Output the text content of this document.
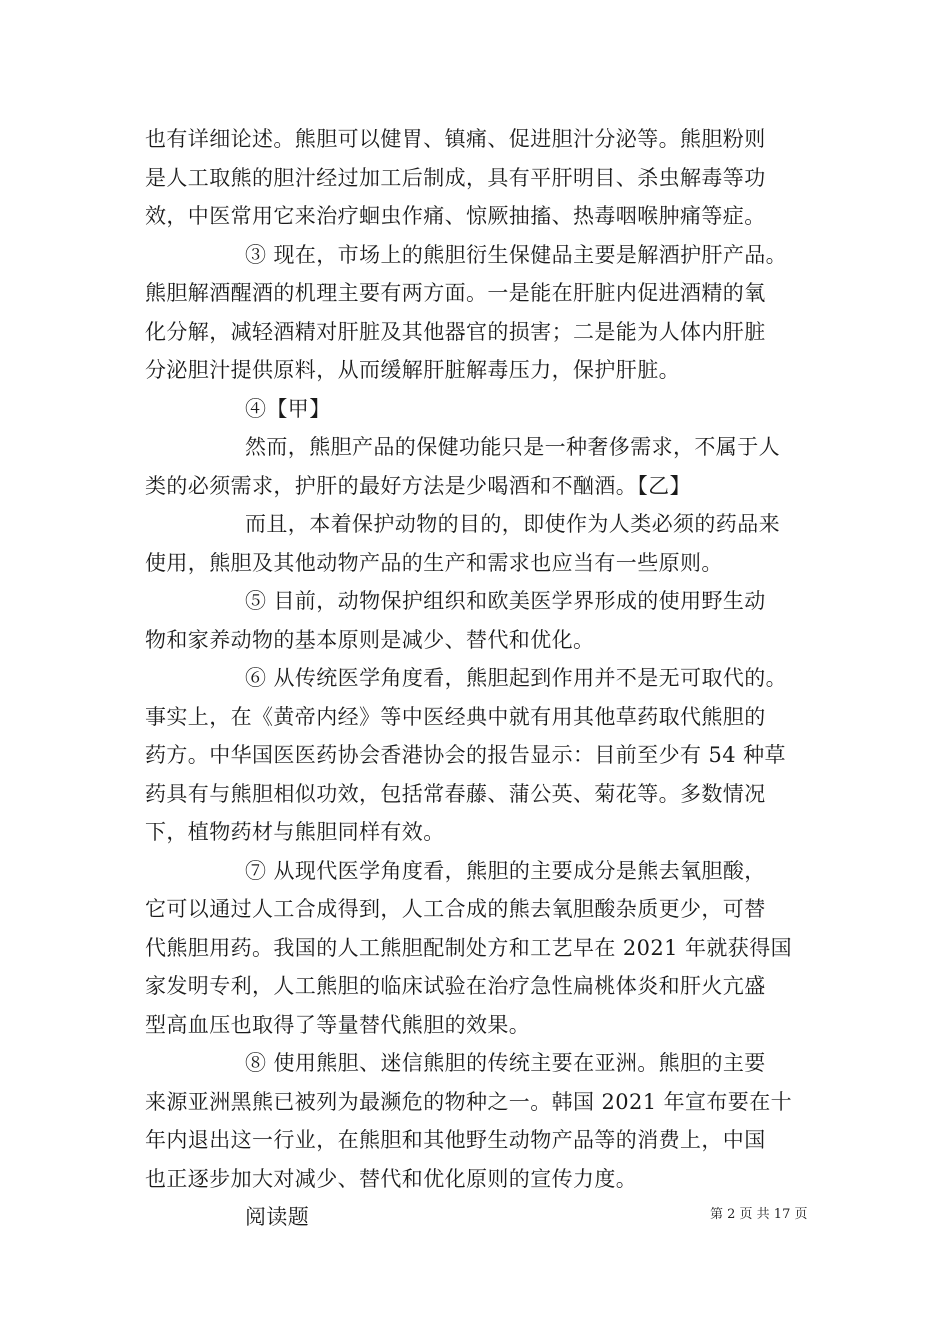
也有详细论述。熊胆可以健胃、镇痛、促进胆汁分泌等。熊胆粉则
是人工取熊的胆汁经过加工后制成，具有平肝明目、杀虫解毒等功
效，中医常用它来治疗蛔虫作痛、惊厥抽搐、热毒咽喉肿痛等症。
③ 现在，市场上的熊胆衍生保健品主要是解酒护肝产品。
熊胆解酒醒酒的机理主要有两方面。一是能在肝脏内促进酒精的氧
化分解，减轻酒精对肝脏及其他器官的损害；二是能为人体内肝脏
分泌胆汁提供原料，从而缓解肝脏解毒压力，保护肝脏。
④【甲】
然而，熊胆产品的保健功能只是一种奢侈需求，不属于人
类的必须需求，护肝的最好方法是少喝酒和不酗酒。【乙】
而且，本着保护动物的目的，即使作为人类必须的药品来
使用，熊胆及其他动物产品的生产和需求也应当有一些原则。
⑤ 目前，动物保护组织和欧美医学界形成的使用野生动
物和家养动物的基本原则是减少、替代和优化。
⑥ 从传统医学角度看，熊胆起到作用并不是无可取代的。
事实上，在《黄帝内经》等中医经典中就有用其他草药取代熊胆的
药方。中华国医医药协会香港协会的报告显示：目前至少有 54 种草
药具有与熊胆相似功效，包括常春藤、蒲公英、菊花等。多数情况
下，植物药材与熊胆同样有效。
⑦ 从现代医学角度看，熊胆的主要成分是熊去氧胆酸，
它可以通过人工合成得到，人工合成的熊去氧胆酸杂质更少，可替
代熊胆用药。我国的人工熊胆配制处方和工艺早在 2021 年就获得国
家发明专利，人工熊胆的临床试验在治疗急性扁桃体炎和肝火亢盛
型高血压也取得了等量替代熊胆的效果。
⑧ 使用熊胆、迷信熊胆的传统主要在亚洲。熊胆的主要
来源亚洲黑熊已被列为最濒危的物种之一。韩国 2021 年宣布要在十
年内退出这一行业，在熊胆和其他野生动物产品等的消费上，中国
也正逐步加大对减少、替代和优化原则的宣传力度。
阅读题	第 2 页 共 17 页
